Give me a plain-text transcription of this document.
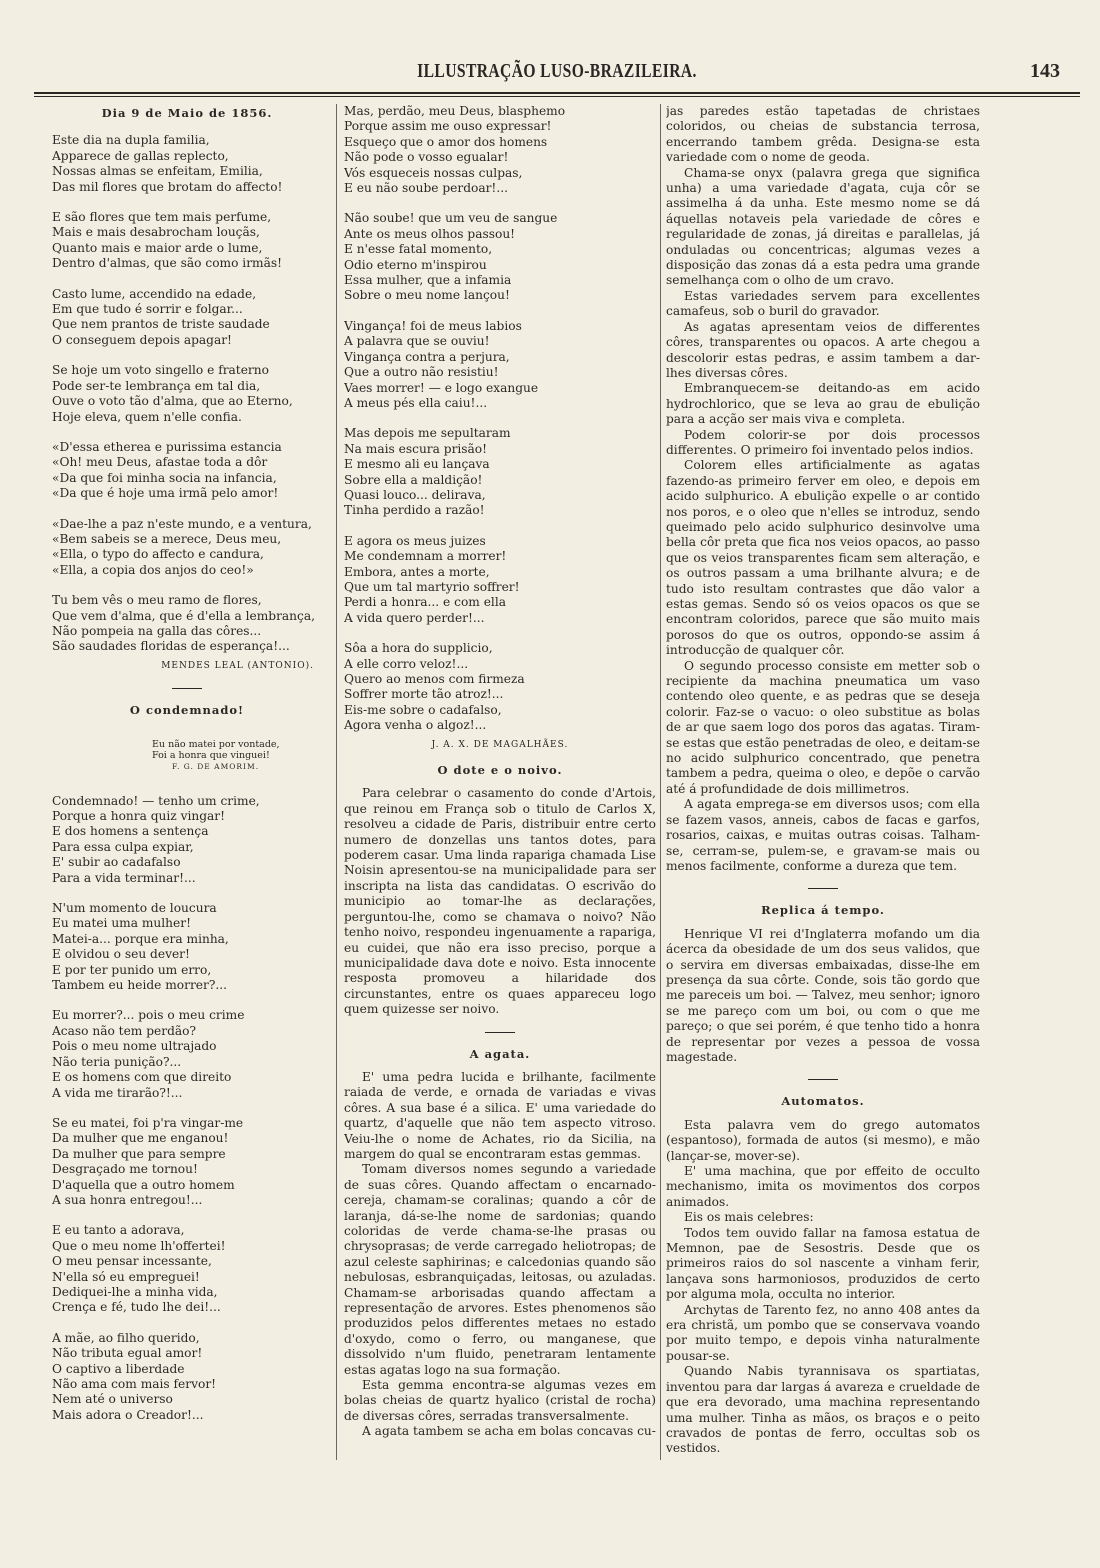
ILLUSTRAÇÃO LUSO-BRAZILEIRA.	143
Dia 9 de Maio de 1856.

Este dia na dupla familia,

Apparece de gallas replecto,

Nossas almas se enfeitam, Emilia,

Das mil flores que brotam do affecto!

E são flores que tem mais perfume,

Mais e mais desabrocham louçãs,

Quanto mais e maior arde o lume,

Dentro d'almas, que são como irmãs!

Casto lume, accendido na edade,

Em que tudo é sorrir e folgar...

Que nem prantos de triste saudade

O conseguem depois apagar!

Se hoje um voto singello e fraterno

Pode ser-te lembrança em tal dia,

Ouve o voto tão d'alma, que ao Eterno,

Hoje eleva, quem n'elle confia.

«D'essa etherea e purissima estancia

«Oh! meu Deus, afastae toda a dôr

«Da que foi minha socia na infancia,

«Da que é hoje uma irmã pelo amor!

«Dae-lhe a paz n'este mundo, e a ventura,

«Bem sabeis se a merece, Deus meu,

«Ella, o typo do affecto e candura,

«Ella, a copia dos anjos do ceo!»

Tu bem vês o meu ramo de flores,

Que vem d'alma, que é d'ella a lembrança,

Não pompeia na galla das côres...

São saudades floridas de esperança!...

MENDES LEAL (ANTONIO).
O condemnado!

Eu não matei por vontade,

Foi a honra que vinguei!

F. G. DE AMORIM.

Condemnado! — tenho um crime,

Porque a honra quiz vingar!

E dos homens a sentença

Para essa culpa expiar,

E' subir ao cadafalso

Para a vida terminar!...

N'um momento de loucura

Eu matei uma mulher!

Matei-a... porque era minha,

E olvidou o seu dever!

E por ter punido um erro,

Tambem eu heide morrer?...

Eu morrer?... pois o meu crime

Acaso não tem perdão?

Pois o meu nome ultrajado

Não teria punição?...

E os homens com que direito

A vida me tirarão?!...

Se eu matei, foi p'ra vingar-me

Da mulher que me enganou!

Da mulher que para sempre

Desgraçado me tornou!

D'aquella que a outro homem

A sua honra entregou!...

E eu tanto a adorava,

Que o meu nome lh'offertei!

O meu pensar incessante,

N'ella só eu empreguei!

Dediquei-lhe a minha vida,

Crença e fé, tudo lhe dei!...

A mãe, ao filho querido,

Não tributa egual amor!

O captivo a liberdade

Não ama com mais fervor!

Nem até o universo

Mais adora o Creador!...

Mas, perdão, meu Deus, blasphemo

Porque assim me ouso expressar!

Esqueço que o amor dos homens

Não pode o vosso egualar!

Vós esqueceis nossas culpas,

E eu não soube perdoar!...

Não soube! que um veu de sangue

Ante os meus olhos passou!

E n'esse fatal momento,

Odio eterno m'inspirou

Essa mulher, que a infamia

Sobre o meu nome lançou!

Vingança! foi de meus labios

A palavra que se ouviu!

Vingança contra a perjura,

Que a outro não resistiu!

Vaes morrer! — e logo exangue

A meus pés ella caiu!...

Mas depois me sepultaram

Na mais escura prisão!

E mesmo ali eu lançava

Sobre ella a maldição!

Quasi louco... delirava,

Tinha perdido a razão!

E agora os meus juizes

Me condemnam a morrer!

Embora, antes a morte,

Que um tal martyrio soffrer!

Perdi a honra... e com ella

A vida quero perder!...

Sôa a hora do supplicio,

A elle corro veloz!...

Quero ao menos com firmeza

Soffrer morte tão atroz!...

Eis-me sobre o cadafalso,

Agora venha o algoz!...

J. A. X. DE MAGALHÃES.
O dote e o noivo.

Para celebrar o casamento do conde d'Artois, que reinou em França sob o titulo de Carlos X, resolveu a cidade de Paris, distribuir entre certo numero de donzellas uns tantos dotes, para poderem casar. Uma linda rapariga chamada Lise Noisin apresentou-se na municipalidade para ser inscripta na lista das candidatas. O escrivão do municipio ao tomar-lhe as declarações, perguntou-lhe, como se chamava o noivo? Não tenho noivo, respondeu ingenuamente a rapariga, eu cuidei, que não era isso preciso, porque a municipalidade dava dote e noivo. Esta innocente resposta promoveu a hilaridade dos circunstantes, entre os quaes appareceu logo quem quizesse ser noivo.

A agata.

E' uma pedra lucida e brilhante, facilmente raiada de verde, e ornada de variadas e vivas côres. A sua base é a silica. E' uma variedade do quartz, d'aquelle que não tem aspecto vitroso. Veiu-lhe o nome de Achates, rio da Sicilia, na margem do qual se encontraram estas gemmas.

Tomam diversos nomes segundo a variedade de suas côres. Quando affectam o encarnado-cereja, chamam-se coralinas; quando a côr de laranja, dá-se-lhe nome de sardonias; quando coloridas de verde chama-se-lhe prasas ou chrysoprasas; de verde carregado heliotropas; de azul celeste saphirinas; e calcedonias quando são nebulosas, esbranquiçadas, leitosas, ou azuladas. Chamam-se arborisadas quando affectam a representação de arvores. Estes phenomenos são produzidos pelos differentes metaes no estado d'oxydo, como o ferro, ou manganese, que dissolvido n'um fluido, penetraram lentamente estas agatas logo na sua formação.

Esta gemma encontra-se algumas vezes em bolas cheias de quartz hyalico (cristal de rocha) de diversas côres, serradas transversalmente.

A agata tambem se acha em bolas concavas cu-

jas paredes estão tapetadas de christaes coloridos, ou cheias de substancia terrosa, encerrando tambem grêda. Designa-se esta variedade com o nome de geoda.

Chama-se onyx (palavra grega que significa unha) a uma variedade d'agata, cuja côr se assimelha á da unha. Este mesmo nome se dá áquellas notaveis pela variedade de côres e regularidade de zonas, já direitas e parallelas, já onduladas ou concentricas; algumas vezes a disposição das zonas dá a esta pedra uma grande semelhança com o olho de um cravo.

Estas variedades servem para excellentes camafeus, sob o buril do gravador.

As agatas apresentam veios de differentes côres, transparentes ou opacos. A arte chegou a descolorir estas pedras, e assim tambem a dar-lhes diversas côres.

Embranquecem-se deitando-as em acido hydrochlorico, que se leva ao grau de ebulição para a acção ser mais viva e completa.

Podem colorir-se por dois processos differentes. O primeiro foi inventado pelos indios.

Colorem elles artificialmente as agatas fazendo-as primeiro ferver em oleo, e depois em acido sulphurico. A ebulição expelle o ar contido nos poros, e o oleo que n'elles se introduz, sendo queimado pelo acido sulphurico desinvolve uma bella côr preta que fica nos veios opacos, ao passo que os veios transparentes ficam sem alteração, e os outros passam a uma brilhante alvura; e de tudo isto resultam contrastes que dão valor a estas gemas. Sendo só os veios opacos os que se encontram coloridos, parece que são muito mais porosos do que os outros, oppondo-se assim á introducção de qualquer côr.

O segundo processo consiste em metter sob o recipiente da machina pneumatica um vaso contendo oleo quente, e as pedras que se deseja colorir. Faz-se o vacuo: o oleo substitue as bolas de ar que saem logo dos poros das agatas. Tiram-se estas que estão penetradas de oleo, e deitam-se no acido sulphurico concentrado, que penetra tambem a pedra, queima o oleo, e depõe o carvão até á profundidade de dois millimetros.

A agata emprega-se em diversos usos; com ella se fazem vasos, anneis, cabos de facas e garfos, rosarios, caixas, e muitas outras coisas. Talham-se, cerram-se, pulem-se, e gravam-se mais ou menos facilmente, conforme a dureza que tem.

Replica á tempo.

Henrique VI rei d'Inglaterra mofando um dia ácerca da obesidade de um dos seus validos, que o servira em diversas embaixadas, disse-lhe em presença da sua côrte. Conde, sois tão gordo que me pareceis um boi. — Talvez, meu senhor; ignoro se me pareço com um boi, ou com o que me pareço; o que sei porém, é que tenho tido a honra de representar por vezes a pessoa de vossa magestade.

Automatos.

Esta palavra vem do grego automatos (espantoso), formada de autos (si mesmo), e mão (lançar-se, mover-se).

E' uma machina, que por effeito de occulto mechanismo, imita os movimentos dos corpos animados.

Eis os mais celebres:

Todos tem ouvido fallar na famosa estatua de Memnon, pae de Sesostris. Desde que os primeiros raios do sol nascente a vinham ferir, lançava sons harmoniosos, produzidos de certo por alguma mola, occulta no interior.

Archytas de Tarento fez, no anno 408 antes da era christã, um pombo que se conservava voando por muito tempo, e depois vinha naturalmente pousar-se.

Quando Nabis tyrannisava os spartiatas, inventou para dar largas á avareza e crueldade de que era devorado, uma machina representando uma mulher. Tinha as mãos, os braços e o peito cravados de pontas de ferro, occultas sob os vestidos.
